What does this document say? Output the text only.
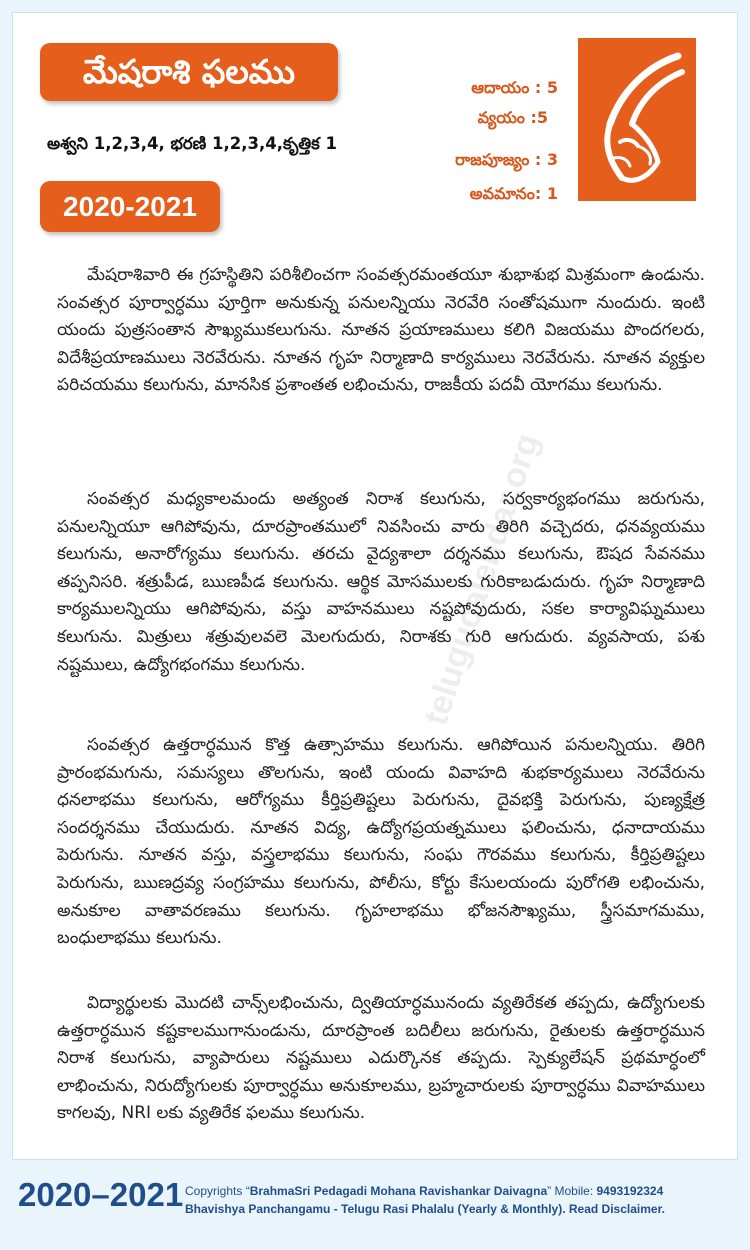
మేషరాశి ఫలము
అశ్వని 1,2,3,4, భరణి 1,2,3,4,కృత్తిక 1
2020-2021
ఆదాయం : 5
వ్యయం :5
రాజపూజ్యం : 3
అవమానం: 1
telugucalendar.org

మేషరాశివారి ఈ గ్రహస్థితిని పరిశీలించగా సంవత్సరమంతయూ శుభాశుభ మిశ్రమంగా ఉండును. సంవత్సర పూర్వార్ధము పూర్తిగా అనుకున్న పనులన్నియు నెరవేరి సంతోషముగా నుందురు. ఇంటి యందు పుత్రసంతాన సౌఖ్యముకలుగును. నూతన ప్రయాణములు కలిగి విజయము పొందగలరు, విదేశీప్రయాణములు నెరవేరును. నూతన గృహ నిర్మాణాది కార్యములు నెరవేరును. నూతన వ్యక్తుల పరిచయము కలుగును, మానసిక ప్రశాంతత లభించును, రాజకీయ పదవీ యోగము కలుగును.

సంవత్సర మధ్యకాలమందు అత్యంత నిరాశ కలుగును, సర్వకార్యభంగము జరుగును, పనులన్నియూ ఆగిపోవును, దూరప్రాంతములో నివసించు వారు తిరిగి వచ్చెదరు, ధనవ్యయము కలుగును, అనారోగ్యము కలుగును. తరచు వైద్యశాలా దర్శనము కలుగును, ఔషద సేవనము తప్పనిసరి. శత్రుపీడ, ఋణపీడ కలుగును. ఆర్థిక మోసములకు గురికాబడుదురు. గృహ నిర్మాణాది కార్యములన్నియు ఆగిపోవును, వస్తు వాహనములు నష్టపోవుదురు, సకల కార్యావిఘ్నములు కలుగును. మిత్రులు శత్రువులవలె మెలగుదురు, నిరాశకు గురి ఆగుదురు. వ్యవసాయ, పశు నష్టములు, ఉద్యోగభంగము కలుగును.

సంవత్సర ఉత్తరార్ధమున కొత్త ఉత్సాహము కలుగును. ఆగిపోయిన పనులన్నియు. తిరిగి ప్రారంభమగును, సమస్యలు తొలగును, ఇంటి యందు వివాహది శుభకార్యములు నెరవేరును ధనలాభము కలుగును, ఆరోగ్యము కీర్తిప్రతిష్టలు పెరుగును, దైవభక్తి పెరుగును, పుణ్యక్షేత్ర సందర్శనము చేయుదురు. నూతన విద్య, ఉద్యోగప్రయత్నములు ఫలించును, ధనాదాయము పెరుగును. నూతన వస్తు, వస్త్రలాభము కలుగును, సంఘ గౌరవము కలుగును, కీర్తిప్రతిష్టలు పెరుగును, ఋణద్రవ్య సంగ్రహము కలుగును, పోలీసు, కోర్టు కేసులయందు పురోగతి లభించును, అనుకూల వాతావరణము కలుగును. గృహలాభము భోజనసౌఖ్యము, స్త్రీసమాగమము, బంధులాభము కలుగును.

విద్యార్థులకు మొదటి చాన్స్‌లభించును, ద్వితియార్ధమునందు వ్యతిరేకత తప్పదు, ఉద్యోగులకు ఉత్తరార్ధమున కష్టకాలముగానుండును, దూరప్రాంత బదిలీలు జరుగును, రైతులకు ఉత్తరార్ధమున నిరాశ కలుగును, వ్యాపారులు నష్టములు ఎదుర్కొనక తప్పదు. స్పెక్యులేషన్ ప్రథమార్ధంలో లాభించును, నిరుద్యోగులకు పూర్వార్ధము అనుకూలము, బ్రహ్మచారులకు పూర్వార్ధము వివాహములు కాగలవు, NRI లకు వ్యతిరేక ఫలము కలుగును.

2020–2021 Copyrights “BrahmaSri Pedagadi Mohana Ravishankar Daivagna” Mobile: 9493192324
Bhavishya Panchangamu - Telugu Rasi Phalalu (Yearly & Monthly). Read Disclaimer.
